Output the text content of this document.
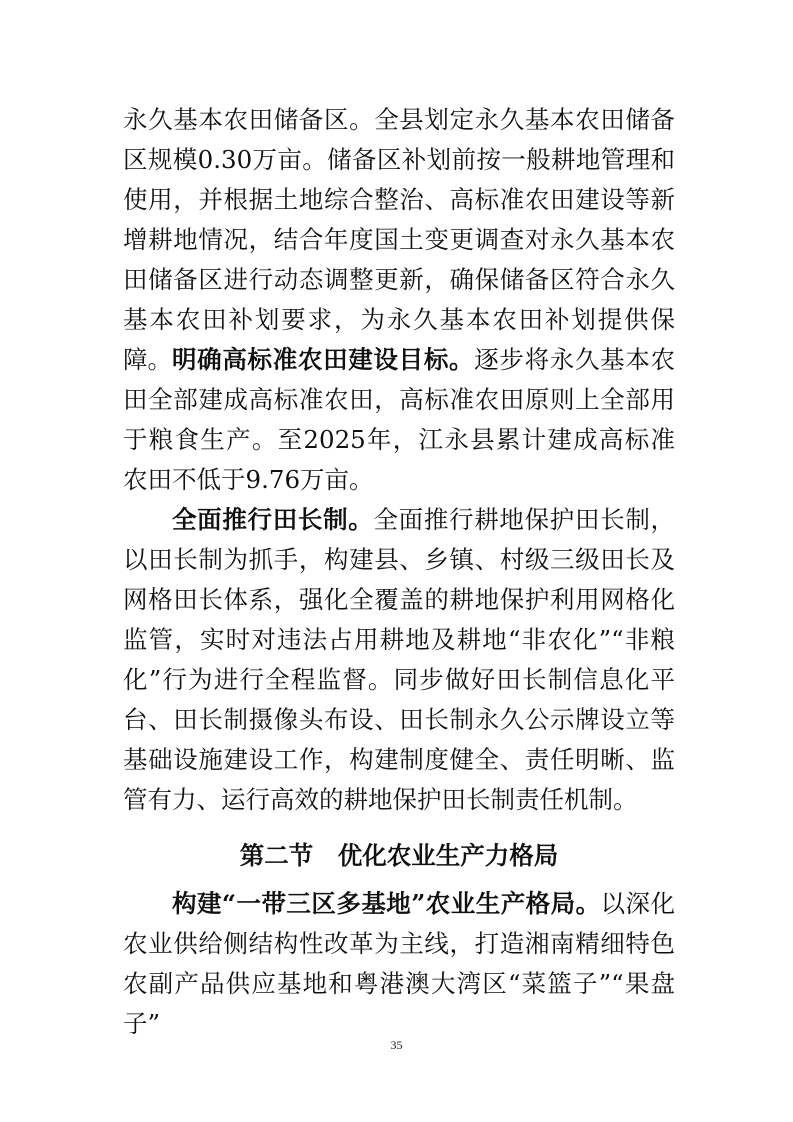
永久基本农田储备区。全县划定永久基本农田储备区规模0.30万亩。储备区补划前按一般耕地管理和使用，并根据土地综合整治、高标准农田建设等新增耕地情况，结合年度国土变更调查对永久基本农田储备区进行动态调整更新，确保储备区符合永久基本农田补划要求，为永久基本农田补划提供保障。 明确高标准农田建设目标。逐步将永久基本农田全部建成高标准农田，高标准农田原则上全部用于粮食生产。至2025年，江永县累计建成高标准农田不低于9.76万亩。

全面推行田长制。全面推行耕地保护田长制，以田长制为抓手，构建县、乡镇、村级三级田长及网格田长体系，强化全覆盖的耕地保护利用网格化监管，实时对违法占用耕地及耕地“非农化”“非粮化”行为进行全程监督。同步做好田长制信息化平台、田长制摄像头布设、田长制永久公示牌设立等基础设施建设工作，构建制度健全、责任明晰、监管有力、运行高效的耕地保护田长制责任机制。

第二节　优化农业生产力格局

构建“一带三区多基地”农业生产格局。以深化农业供给侧结构性改革为主线，打造湘南精细特色农副产品供应基地和粤港澳大湾区“菜篮子”“果盘子”

35
